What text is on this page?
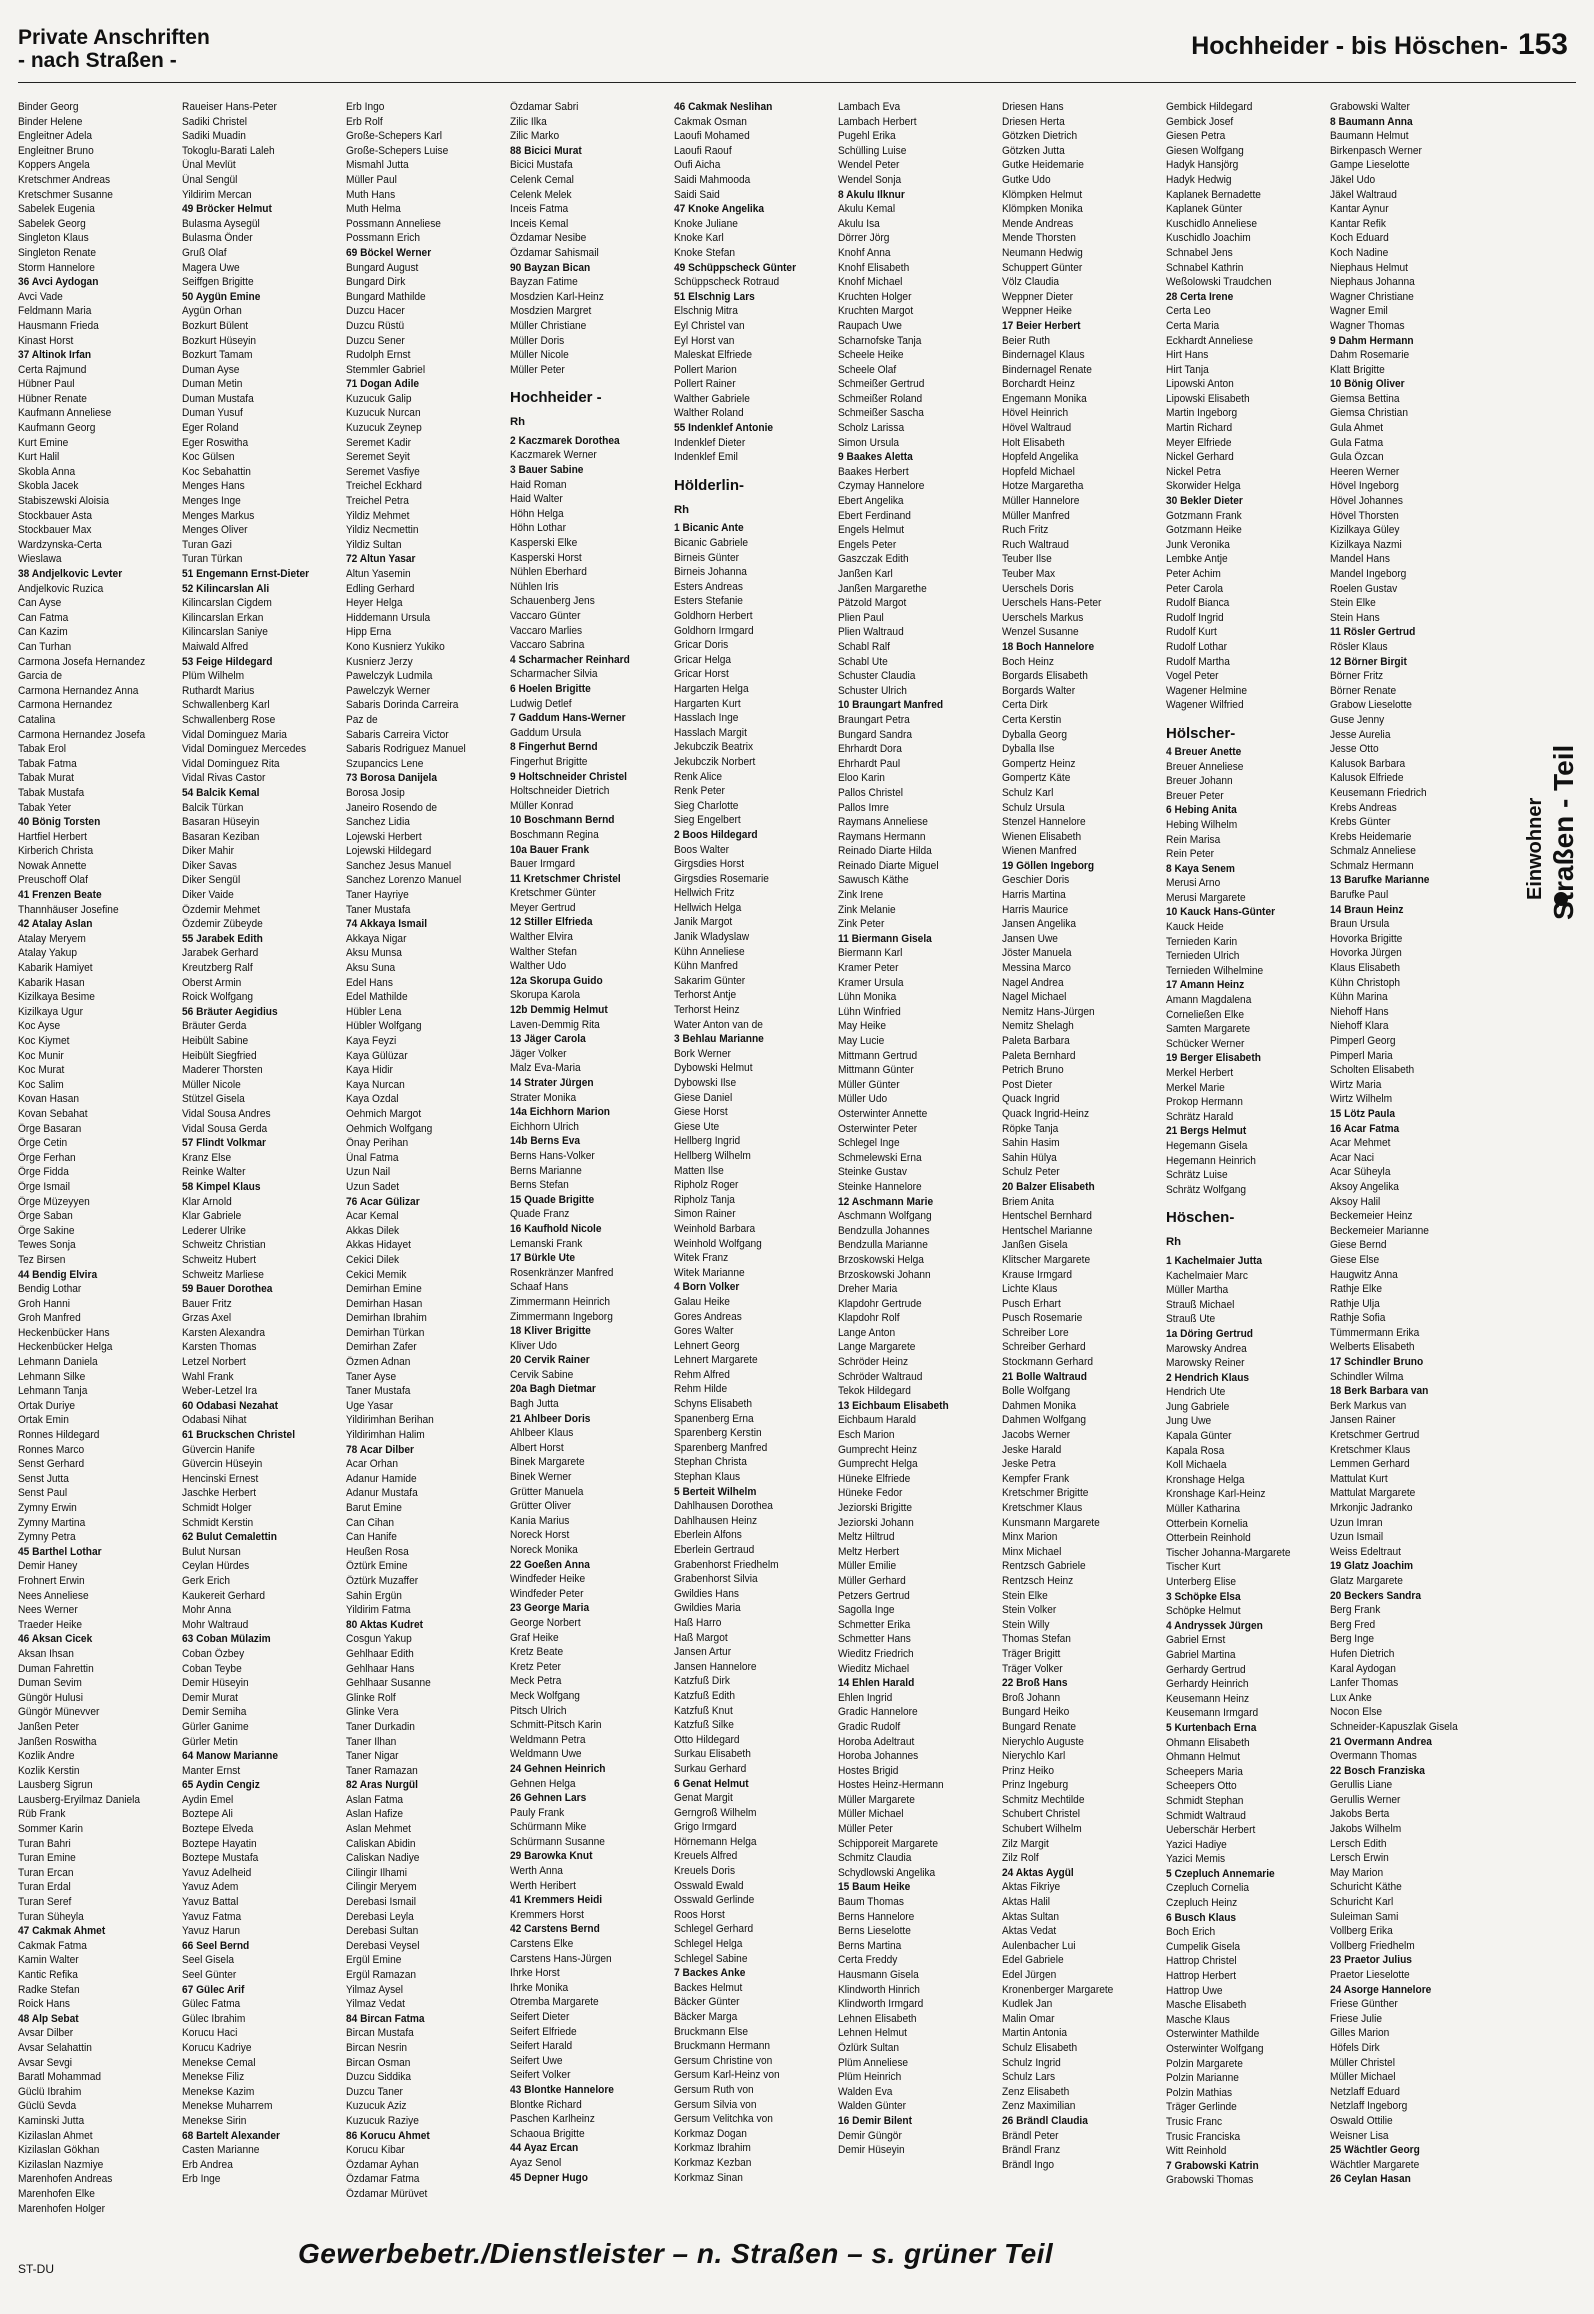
Private Anschriften
- nach Straßen -
Hochheider - bis Höschen- 153
Binder Georg
Binder Helene
Engleitner Adela
Engleitner Bruno
Koppers Angela
Kretschmer Andreas
Kretschmer Susanne
Sabelek Eugenia
Sabelek Georg
Singleton Klaus
Singleton Renate
Storm Hannelore
36 Avci Aydogan
Avci Vade
Feldmann Maria
Hausmann Frieda
Kinast Horst
37 Altinok Irfan
Certa Rajmund
Hübner Paul
Hübner Renate
Kaufmann Anneliese
Kaufmann Georg
Kurt Emine
Kurt Halil
Skobla Anna
Skobla Jacek
Stabiszewski Aloisia
Stockbauer Asta
Stockbauer Max
Wardzynska-Certa
Wieslawa
38 Andjelkovic Levter
Andjelkovic Ruzica
Can Ayse
Can Fatma
Can Kazim
Can Turhan
Carmona Josefa Hernandez
Garcia de
Carmona Hernandez Anna
Carmona Hernandez
Catalina
Carmona Hernandez Josefa
Tabak Erol
Tabak Fatma
Tabak Murat
Tabak Mustafa
Tabak Yeter
40 Bönig Torsten
Hartfiel Herbert
Kirberich Christa
Nowak Annette
Preuschoff Olaf
41 Frenzen Beate
Thannhäuser Josefine
42 Atalay Aslan
Atalay Meryem
Atalay Yakup
Kabarik Hamiyet
Kabarik Hasan
Kizilkaya Besime
Kizilkaya Ugur
Koc Ayse
Koc Kiymet
Koc Munir
Koc Murat
Koc Salim
Kovan Hasan
Kovan Sebahat
Örge Basaran
Örge Cetin
Örge Ferhan
Örge Fidda
Örge Ismail
Örge Müzeyyen
Örge Saban
Örge Sakine
Tewes Sonja
Tez Birsen
44 Bendig Elvira
Bendig Lothar
Groh Hanni
Groh Manfred
Heckenbücker Hans
Heckenbücker Helga
Lehmann Daniela
Lehmann Silke
Lehmann Tanja
Ortak Duriye
Ortak Emin
Ronnes Hildegard
Ronnes Marco
Senst Gerhard
Senst Jutta
Senst Paul
Zymny Erwin
Zymny Martina
Zymny Petra
45 Barthel Lothar
Demir Haney
Frohnert Erwin
Nees Anneliese
Nees Werner
Traeder Heike
46 Aksan Cicek
Aksan Ihsan
Duman Fahrettin
Duman Sevim
Güngör Hulusi
Güngör Münevver
Janßen Peter
Janßen Roswitha
Kozlik Andre
Kozlik Kerstin
Lausberg Sigrun
Lausberg-Eryilmaz Daniela
Rüb Frank
Sommer Karin
Turan Bahri
Turan Emine
Turan Ercan
Turan Erdal
Turan Seref
Turan Süheyla
47 Cakmak Ahmet
Cakmak Fatma
Kamin Walter
Kantic Refika
Radke Stefan
Roick Hans
48 Alp Sebat
Avsar Dilber
Avsar Selahattin
Avsar Sevgi
Baratl Mohammad
Güclü Ibrahim
Güclü Sevda
Kaminski Jutta
Kizilaslan Ahmet
Kizilaslan Gökhan
Kizilaslan Nazmiye
Marenhofen Andreas
Marenhofen Elke
Marenhofen Holger
Raueiser Hans-Peter
Sadiki Christel
Sadiki Muadin
Tokoglu-Barati Laleh
Ünal Mevlüt
Ünal Sengül
Yildirim Mercan
49 Bröcker Helmut
Bulasma Aysegül
Bulasma Önder
Gruß Olaf
Magera Uwe
Seiffgen Brigitte
50 Aygün Emine
Aygün Orhan
Bozkurt Bülent
Bozkurt Hüseyin
Bozkurt Tamam
Duman Ayse
Duman Metin
Duman Mustafa
Duman Yusuf
Eger Roland
Eger Roswitha
Koc Gülsen
Koc Sebahattin
Menges Hans
Menges Inge
Menges Markus
Menges Oliver
Turan Gazi
Turan Türkan
51 Engemann Ernst-Dieter
52 Kilincarslan Ali
Kilincarslan Cigdem
Kilincarslan Erkan
Kilincarslan Saniye
Maiwald Alfred
53 Feige Hildegard
Plüm Wilhelm
Ruthardt Marius
Schwallenberg Karl
Schwallenberg Rose
Vidal Dominguez Maria
Vidal Dominguez Mercedes
Vidal Dominguez Rita
Vidal Rivas Castor
54 Balcik Kemal
Balcik Türkan
Basaran Hüseyin
Basaran Keziban
Diker Mahir
Diker Savas
Diker Sengül
Diker Vaide
Özdemir Mehmet
Özdemir Zübeyde
55 Jarabek Edith
Jarabek Gerhard
Kreutzberg Ralf
Oberst Armin
Roick Wolfgang
56 Bräuter Aegidius
Bräuter Gerda
Heibült Sabine
Heibült Siegfried
Maderer Thorsten
Müller Nicole
Stützel Gisela
Vidal Sousa Andres
Vidal Sousa Gerda
57 Flindt Volkmar
Kranz Else
Reinke Walter
58 Kimpel Klaus
Klar Arnold
Klar Gabriele
Lederer Ulrike
Schweitz Christian
Schweitz Hubert
Schweitz Marliese
59 Bauer Dorothea
Bauer Fritz
Grzas Axel
Karsten Alexandra
Karsten Thomas
Letzel Norbert
Wahl Frank
Weber-Letzel Ira
60 Odabasi Nezahat
Odabasi Nihat
61 Bruckschen Christel
Güvercin Hanife
Güvercin Hüseyin
Hencinski Ernest
Jaschke Herbert
Schmidt Holger
Schmidt Kerstin
62 Bulut Cemalettin
Bulut Nursan
Ceylan Hürdes
Gerk Erich
Kaukereit Gerhard
Mohr Anna
Mohr Waltraud
63 Coban Mülazim
Coban Özbey
Coban Teybe
Demir Hüseyin
Demir Murat
Demir Semiha
Gürler Ganime
Gürler Metin
64 Manow Marianne
Manter Ernst
65 Aydin Cengiz
Aydin Emel
Boztepe Ali
Boztepe Elveda
Boztepe Hayatin
Boztepe Mustafa
Yavuz Adelheid
Yavuz Adem
Yavuz Battal
Yavuz Fatma
Yavuz Harun
66 Seel Bernd
Seel Gisela
Seel Günter
67 Gülec Arif
Gülec Fatma
Gülec Ibrahim
Korucu Haci
Korucu Kadriye
Menekse Cemal
Menekse Filiz
Menekse Kazim
Menekse Muharrem
Menekse Sirin
68 Bartelt Alexander
Casten Marianne
Erb Andrea
Erb Inge
Erb Ingo
Erb Rolf
Große-Schepers Karl
Große-Schepers Luise
Mismahl Jutta
Müller Paul
Muth Hans
Muth Helma
Possmann Anneliese
Possmann Erich
69 Böckel Werner
Bungard August
Bungard Dirk
Bungard Mathilde
Duzcu Hacer
Duzcu Rüstü
Duzcu Sener
Rudolph Ernst
Stemmler Gabriel
71 Dogan Adile
Kuzucuk Galip
Kuzucuk Nurcan
Kuzucuk Zeynep
Seremet Kadir
Seremet Seyit
Seremet Vasfiye
Treichel Eckhard
Treichel Petra
Yildiz Mehmet
Yildiz Necmettin
Yildiz Sultan
72 Altun Yasar
Altun Yasemin
Edling Gerhard
Heyer Helga
Hiddemann Ursula
Hipp Erna
Kono Kusnierz Yukiko
Kusnierz Jerzy
Pawelczyk Ludmila
Pawelczyk Werner
Sabaris Dorinda Carreira
Paz de
Sabaris Carreira Victor
Sabaris Rodriguez Manuel
Szupancics Lene
73 Borosa Danijela
Borosa Josip
Janeiro Rosendo de
Sanchez Lidia
Lojewski Herbert
Lojewski Hildegard
Sanchez Jesus Manuel
Sanchez Lorenzo Manuel
Taner Hayriye
Taner Mustafa
74 Akkaya Ismail
Akkaya Nigar
Aksu Munsa
Aksu Suna
Edel Hans
Edel Mathilde
Hübler Lena
Hübler Wolfgang
Kaya Feyzi
Kaya Gülüzar
Kaya Hidir
Kaya Nurcan
Kaya Ozdal
Oehmich Margot
Oehmich Wolfgang
Önay Perihan
Ünal Fatma
Uzun Nail
Uzun Sadet
76 Acar Gülizar
Acar Kemal
Akkas Dilek
Akkas Hidayet
Cekici Dilek
Cekici Memik
Demirhan Emine
Demirhan Hasan
Demirhan Ibrahim
Demirhan Türkan
Demirhan Zafer
Özmen Adnan
Taner Ayse
Taner Mustafa
Uge Yasar
Yildirimhan Berihan
Yildirimhan Halim
78 Acar Dilber
Acar Orhan
Adanur Hamide
Adanur Mustafa
Barut Emine
Can Cihan
Can Hanife
Heußen Rosa
Öztürk Emine
Öztürk Muzaffer
Sahin Ergün
Yildirim Fatma
80 Aktas Kudret
Cosgun Yakup
Gehlhaar Edith
Gehlhaar Hans
Gehlhaar Susanne
Glinke Rolf
Glinke Vera
Taner Durkadin
Taner Ilhan
Taner Nigar
Taner Ramazan
82 Aras Nurgül
Aslan Fatma
Aslan Hafize
Aslan Mehmet
Caliskan Abidin
Caliskan Nadiye
Cilingir Ilhami
Cilingir Meryem
Derebasi Ismail
Derebasi Leyla
Derebasi Sultan
Derebasi Veysel
Ergül Emine
Ergül Ramazan
Yilmaz Aysel
Yilmaz Vedat
84 Bircan Fatma
Bircan Mustafa
Bircan Nesrin
Bircan Osman
Duzcu Siddika
Duzcu Taner
Kuzucuk Aziz
Kuzucuk Raziye
86 Korucu Ahmet
Korucu Kibar
Özdamar Ayhan
Özdamar Fatma
Özdamar Mürüvet
Özdamar Sabri
Zilic Ilka
Zilic Marko
88 Bicici Murat
Bicici Mustafa
Celenk Cemal
Celenk Melek
Inceis Fatma
Inceis Kemal
Özdamar Nesibe
Özdamar Sahismail
90 Bayzan Bican
Bayzan Fatime
Mosdzien Karl-Heinz
Mosdzien Margret
Müller Christiane
Müller Doris
Müller Nicole
Müller Peter
Hochheider -
Rh
2 Kaczmarek Dorothea
Kaczmarek Werner
3 Bauer Sabine
Haid Roman
Haid Walter
Höhn Helga
Höhn Lothar
Kasperski Elke
Kasperski Horst
Nühlen Eberhard
Nühlen Iris
Schauenberg Jens
Vaccaro Günter
Vaccaro Marlies
Vaccaro Sabrina
4 Scharmacher Reinhard
Scharmacher Silvia
6 Hoelen Brigitte
Ludwig Detlef
7 Gaddum Hans-Werner
Gaddum Ursula
8 Fingerhut Bernd
Fingerhut Brigitte
9 Holtschneider Christel
Holtschneider Dietrich
Müller Konrad
10 Boschmann Bernd
Boschmann Regina
10a Bauer Frank
Bauer Irmgard
11 Kretschmer Christel
Kretschmer Günter
Meyer Gertrud
12 Stiller Elfrieda
Walther Elvira
Walther Stefan
Walther Udo
12a Skorupa Guido
Skorupa Karola
12b Demmig Helmut
Laven-Demmig Rita
13 Jäger Carola
Jäger Volker
Malz Eva-Maria
14 Strater Jürgen
Strater Monika
14a Eichhorn Marion
Eichhorn Ulrich
14b Berns Eva
Berns Hans-Volker
Berns Marianne
Berns Stefan
15 Quade Brigitte
Quade Franz
16 Kaufhold Nicole
Lemanski Frank
17 Bürkle Ute
Rosenkränzer Manfred
Schaaf Hans
Zimmermann Heinrich
Zimmermann Ingeborg
18 Kliver Brigitte
Kliver Udo
20 Cervik Rainer
Cervik Sabine
20a Bagh Dietmar
Bagh Jutta
21 Ahlbeer Doris
Ahlbeer Klaus
Albert Horst
Binek Margarete
Binek Werner
Grütter Manuela
Grütter Oliver
Kania Marius
Noreck Horst
Noreck Monika
22 Goeßen Anna
Windfeder Heike
Windfeder Peter
23 George Maria
George Norbert
Graf Heike
Kretz Beate
Kretz Peter
Meck Petra
Meck Wolfgang
Pitsch Ulrich
Schmitt-Pitsch Karin
Weldmann Petra
Weldmann Uwe
24 Gehnen Heinrich
Gehnen Helga
26 Gehnen Lars
Pauly Frank
Schürmann Mike
Schürmann Susanne
29 Barowka Knut
Werth Anna
Werth Heribert
41 Kremmers Heidi
Kremmers Horst
42 Carstens Bernd
Carstens Elke
Carstens Hans-Jürgen
Ihrke Horst
Ihrke Monika
Otremba Margarete
Seifert Dieter
Seifert Elfriede
Seifert Harald
Seifert Uwe
Seifert Volker
43 Blontke Hannelore
Blontke Richard
Paschen Karlheinz
Schaoua Brigitte
44 Ayaz Ercan
Ayaz Senol
45 Depner Hugo
46 Cakmak Neslihan
Cakmak Osman
Laoufi Mohamed
Laoufi Raouf
Oufi Aicha
Saidi Mahmooda
Saidi Said
47 Knoke Angelika
Knoke Juliane
Knoke Karl
Knoke Stefan
49 Schüppscheck Günter
Schüppscheck Rotraud
51 Elschnig Lars
Elschnig Mitra
Eyl Christel van
Eyl Horst van
Maleskat Elfriede
Pollert Marion
Pollert Rainer
Walther Gabriele
Walther Roland
55 Indenklef Antonie
Indenklef Dieter
Indenklef Emil
Hölderlin-
Rh
1 Bicanic Ante
Bicanic Gabriele
Birneis Günter
Birneis Johanna
Esters Andreas
Esters Stefanie
Goldhorn Herbert
Goldhorn Irmgard
Gricar Doris
Gricar Helga
Gricar Horst
Hargarten Helga
Hargarten Kurt
Hasslach Inge
Hasslach Margit
Jekubczik Beatrix
Jekubczik Norbert
Renk Alice
Renk Peter
Sieg Charlotte
Sieg Engelbert
2 Boos Hildegard
Boos Walter
Girgsdies Horst
Girgsdies Rosemarie
Hellwich Fritz
Hellwich Helga
Janik Margot
Janik Wladyslaw
Kühn Anneliese
Kühn Manfred
Sakarim Günter
Terhorst Antje
Terhorst Heinz
Water Anton van de
3 Behlau Marianne
Bork Werner
Dybowski Helmut
Dybowski Ilse
Giese Daniel
Giese Horst
Giese Ute
Hellberg Ingrid
Hellberg Wilhelm
Matten Ilse
Ripholz Roger
Ripholz Tanja
Simon Rainer
Weinhold Barbara
Weinhold Wolfgang
Witek Franz
Witek Marianne
4 Born Volker
Galau Heike
Gores Andreas
Gores Walter
Lehnert Georg
Lehnert Margarete
Rehm Alfred
Rehm Hilde
Schyns Elisabeth
Spanenberg Erna
Sparenberg Kerstin
Sparenberg Manfred
Stephan Christa
Stephan Klaus
5 Berteit Wilhelm
Dahlhausen Dorothea
Dahlhausen Heinz
Eberlein Alfons
Eberlein Gertraud
Grabenhorst Friedhelm
Grabenhorst Silvia
Gwildies Hans
Gwildies Maria
Haß Harro
Haß Margot
Jansen Artur
Jansen Hannelore
Katzfuß Dirk
Katzfuß Edith
Katzfuß Knut
Katzfuß Silke
Otto Hildegard
Surkau Elisabeth
Surkau Gerhard
6 Genat Helmut
Genat Margit
Gerngroß Wilhelm
Grigo Irmgard
Hörnemann Helga
Kreuels Alfred
Kreuels Doris
Osswald Ewald
Osswald Gerlinde
Roos Horst
Schlegel Gerhard
Schlegel Helga
Schlegel Sabine
7 Backes Anke
Backes Helmut
Bäcker Günter
Bäcker Marga
Bruckmann Else
Bruckmann Hermann
Gersum Christine von
Gersum Karl-Heinz von
Gersum Ruth von
Gersum Silvia von
Gersum Velitchka von
Korkmaz Dogan
Korkmaz Ibrahim
Korkmaz Kezban
Korkmaz Sinan
Lambach Eva
Lambach Herbert
Pugehl Erika
Schülling Luise
Wendel Peter
Wendel Sonja
8 Akulu Ilknur
Akulu Kemal
Akulu Isa
Dörrer Jörg
Knohf Anna
Knohf Elisabeth
Knohf Michael
Kruchten Holger
Kruchten Margot
Raupach Uwe
Scharnofske Tanja
Scheele Heike
Scheele Olaf
Schmeißer Gertrud
Schmeißer Roland
Schmeißer Sascha
Scholz Larissa
Simon Ursula
9 Baakes Aletta
Baakes Herbert
Czymay Hannelore
Ebert Angelika
Ebert Ferdinand
Engels Helmut
Engels Peter
Gaszczak Edith
Janßen Karl
Janßen Margarethe
Pätzold Margot
Plien Paul
Plien Waltraud
Schabl Ralf
Schabl Ute
Schuster Claudia
Schuster Ulrich
10 Braungart Manfred
Braungart Petra
Bungard Sandra
Ehrhardt Dora
Ehrhardt Paul
Eloo Karin
Pallos Christel
Pallos Imre
Raymans Anneliese
Raymans Hermann
Reinado Diarte Hilda
Reinado Diarte Miguel
Sawusch Käthe
Zink Irene
Zink Melanie
Zink Peter
11 Biermann Gisela
Biermann Karl
Kramer Peter
Kramer Ursula
Lühn Monika
Lühn Winfried
May Heike
May Lucie
Mittmann Gertrud
Mittmann Günter
Müller Günter
Müller Udo
Osterwinter Annette
Osterwinter Peter
Schlegel Inge
Schmelewski Erna
Steinke Gustav
Steinke Hannelore
12 Aschmann Marie
Aschmann Wolfgang
Bendzulla Johannes
Bendzulla Marianne
Brzoskowski Helga
Brzoskowski Johann
Dreher Maria
Klapdohr Gertrude
Klapdohr Rolf
Lange Anton
Lange Margarete
Schröder Heinz
Schröder Waltraud
Tekok Hildegard
13 Eichbaum Elisabeth
Eichbaum Harald
Esch Marion
Gumprecht Heinz
Gumprecht Helga
Hüneke Elfriede
Hüneke Fedor
Jeziorski Brigitte
Jeziorski Johann
Meltz Hiltrud
Meltz Herbert
Müller Emilie
Müller Gerhard
Petzers Gertrud
Sagolla Inge
Schmetter Erika
Schmetter Hans
Wieditz Friedrich
Wieditz Michael
14 Ehlen Harald
Ehlen Ingrid
Gradic Hannelore
Gradic Rudolf
Horoba Adeltraut
Horoba Johannes
Hostes Brigid
Hostes Heinz-Hermann
Müller Margarete
Müller Michael
Müller Peter
Schipporeit Margarete
Schmitz Claudia
Schydlowski Angelika
15 Baum Heike
Baum Thomas
Berns Hannelore
Berns Lieselotte
Berns Martina
Certa Freddy
Hausmann Gisela
Klindworth Hinrich
Klindworth Irmgard
Lehnen Elisabeth
Lehnen Helmut
Özlürk Sultan
Plüm Anneliese
Plüm Heinrich
Walden Eva
Walden Günter
16 Demir Bilent
Demir Güngör
Demir Hüseyin
Driesen Hans
Driesen Herta
Götzken Dietrich
Götzken Jutta
Gutke Heidemarie
Gutke Udo
Klömpken Helmut
Klömpken Monika
Mende Andreas
Mende Thorsten
Neumann Hedwig
Schuppert Günter
Völz Claudia
Weppner Dieter
Weppner Heike
17 Beier Herbert
Beier Ruth
Bindernagel Klaus
Bindernagel Renate
Borchardt Heinz
Engemann Monika
Hövel Heinrich
Hövel Waltraud
Holt Elisabeth
Hopfeld Angelika
Hopfeld Michael
Hotze Margaretha
Müller Hannelore
Müller Manfred
Ruch Fritz
Ruch Waltraud
Teuber Ilse
Teuber Max
Uerschels Doris
Uerschels Hans-Peter
Uerschels Markus
Wenzel Susanne
18 Boch Hannelore
Boch Heinz
Borgards Elisabeth
Borgards Walter
Certa Dirk
Certa Kerstin
Dyballa Georg
Dyballa Ilse
Gompertz Heinz
Gompertz Käte
Schulz Karl
Schulz Ursula
Stenzel Hannelore
Wienen Elisabeth
Wienen Manfred
19 Göllen Ingeborg
Geschier Doris
Harris Martina
Harris Maurice
Jansen Angelika
Jansen Uwe
Jöster Manuela
Messina Marco
Nagel Andrea
Nagel Michael
Nemitz Hans-Jürgen
Nemitz Shelagh
Paleta Barbara
Paleta Bernhard
Petrich Bruno
Post Dieter
Quack Ingrid
Quack Ingrid-Heinz
Röpke Tanja
Sahin Hasim
Sahin Hülya
Schulz Peter
20 Balzer Elisabeth
Briem Anita
Hentschel Bernhard
Hentschel Marianne
Janßen Gisela
Klitscher Margarete
Krause Irmgard
Lichte Klaus
Pusch Erhart
Pusch Rosemarie
Schreiber Lore
Schreiber Gerhard
Stockmann Gerhard
21 Bolle Waltraud
Bolle Wolfgang
Dahmen Monika
Dahmen Wolfgang
Jacobs Werner
Jeske Harald
Jeske Petra
Kempfer Frank
Kretschmer Brigitte
Kretschmer Klaus
Kunsmann Margarete
Minx Marion
Minx Michael
Rentzsch Gabriele
Rentzsch Heinz
Stein Elke
Stein Volker
Stein Willy
Thomas Stefan
Träger Brigitt
Träger Volker
22 Broß Hans
Broß Johann
Bungard Heiko
Bungard Renate
Nierychlo Auguste
Nierychlo Karl
Prinz Heiko
Prinz Ingeburg
Schmitz Mechtilde
Schubert Christel
Schubert Wilhelm
Zilz Margit
Zilz Rolf
24 Aktas Aygül
Aktas Fikriye
Aktas Halil
Aktas Sultan
Aktas Vedat
Aulenbacher Lui
Edel Gabriele
Edel Jürgen
Kronenberger Margarete
Kudlek Jan
Malin Omar
Martin Antonia
Schulz Elisabeth
Schulz Ingrid
Schulz Lars
Zenz Elisabeth
Zenz Maximilian
26 Brändl Claudia
Brändl Peter
Brändl Franz
Brändl Ingo
Gembick Hildegard
Gembick Josef
Giesen Petra
Giesen Wolfgang
Hadyk Hansjörg
Hadyk Hedwig
Kaplanek Bernadette
Kaplanek Günter
Kuschidlo Anneliese
Kuschidlo Joachim
Schnabel Jens
Schnabel Kathrin
Weßolowski Traudchen
28 Certa Irene
Certa Leo
Certa Maria
Eckhardt Anneliese
Hirt Hans
Hirt Tanja
Lipowski Anton
Lipowski Elisabeth
Martin Ingeborg
Martin Richard
Meyer Elfriede
Nickel Gerhard
Nickel Petra
Skorwider Helga
30 Bekler Dieter
Gotzmann Frank
Gotzmann Heike
Junk Veronika
Lembke Antje
Peter Achim
Peter Carola
Rudolf Bianca
Rudolf Ingrid
Rudolf Kurt
Rudolf Lothar
Rudolf Martha
Vogel Peter
Wagener Helmine
Wagener Wilfried
Hölscher-
4 Breuer Anette
Breuer Anneliese
Breuer Johann
Breuer Peter
6 Hebing Anita
Hebing Wilhelm
Rein Marisa
Rein Peter
8 Kaya Senem
Merusi Arno
Merusi Margarete
10 Kauck Hans-Günter
Kauck Heide
Ternieden Karin
Ternieden Ulrich
Ternieden Wilhelmine
17 Amann Heinz
Amann Magdalena
Corneließen Elke
Samten Margarete
Schücker Werner
19 Berger Elisabeth
Merkel Herbert
Merkel Marie
Prokop Hermann
Schrätz Harald
21 Bergs Helmut
Hegemann Gisela
Hegemann Heinrich
Schrätz Luise
Schrätz Wolfgang
Höschen-
Rh
1 Kachelmaier Jutta
Kachelmaier Marc
Müller Martha
Strauß Michael
Strauß Ute
1a Döring Gertrud
Marowsky Andrea
Marowsky Reiner
2 Hendrich Klaus
Hendrich Ute
Jung Gabriele
Jung Uwe
Kapala Günter
Kapala Rosa
Koll Michaela
Kronshage Helga
Kronshage Karl-Heinz
Müller Katharina
Otterbein Kornelia
Otterbein Reinhold
Tischer Johanna-Margarete
Tischer Kurt
Unterberg Elise
3 Schöpke Elsa
Schöpke Helmut
4 Andryssek Jürgen
Gabriel Ernst
Gabriel Martina
Gerhardy Gertrud
Gerhardy Heinrich
Keusemann Heinz
Keusemann Irmgard
5 Kurtenbach Erna
Ohmann Elisabeth
Ohmann Helmut
Scheepers Maria
Scheepers Otto
Schmidt Stephan
Schmidt Waltraud
Ueberschär Herbert
Yazici Hadiye
Yazici Memis
5 Czepluch Annemarie
Czepluch Cornelia
Czepluch Heinz
6 Busch Klaus
Boch Erich
Cumpelik Gisela
Hattrop Christel
Hattrop Herbert
Hattrop Uwe
Masche Elisabeth
Masche Klaus
Osterwinter Mathilde
Osterwinter Wolfgang
Polzin Margarete
Polzin Marianne
Polzin Mathias
Träger Gerlinde
Trusic Franc
Trusic Franciska
Witt Reinhold
7 Grabowski Katrin
Grabowski Thomas
Grabowski Walter
8 Baumann Anna
Baumann Helmut
Birkenpasch Werner
Gampe Lieselotte
Jäkel Udo
Jäkel Waltraud
Kantar Aynur
Kantar Refik
Koch Eduard
Koch Nadine
Niephaus Helmut
Niephaus Johanna
Wagner Christiane
Wagner Emil
Wagner Thomas
9 Dahm Hermann
Dahm Rosemarie
Klatt Brigitte
10 Bönig Oliver
Giemsa Bettina
Giemsa Christian
Gula Ahmet
Gula Fatma
Gula Özcan
Heeren Werner
Hövel Ingeborg
Hövel Johannes
Hövel Thorsten
Kizilkaya Güley
Kizilkaya Nazmi
Mandel Hans
Mandel Ingeborg
Roelen Gustav
Stein Elke
Stein Hans
11 Rösler Gertrud
Rösler Klaus
12 Börner Birgit
Börner Fritz
Börner Renate
Grabow Lieselotte
Guse Jenny
Jesse Aurelia
Jesse Otto
Kalusok Barbara
Kalusok Elfriede
Keusemann Friedrich
Krebs Andreas
Krebs Günter
Krebs Heidemarie
Schmalz Anneliese
Schmalz Hermann
13 Barufke Marianne
Barufke Paul
14 Braun Heinz
Braun Ursula
Hovorka Brigitte
Hovorka Jürgen
Klaus Elisabeth
Kühn Christoph
Kühn Marina
Niehoff Hans
Niehoff Klara
Pimperl Georg
Pimperl Maria
Scholten Elisabeth
Wirtz Maria
Wirtz Wilhelm
15 Lötz Paula
16 Acar Fatma
Acar Mehmet
Acar Naci
Acar Süheyla
Aksoy Angelika
Aksoy Halil
Beckemeier Heinz
Beckemeier Marianne
Giese Bernd
Giese Else
Haugwitz Anna
Rathje Elke
Rathje Ulja
Rathje Sofia
Tümmermann Erika
Welberts Elisabeth
17 Schindler Bruno
Schindler Wilma
18 Berk Barbara van
Berk Markus van
Jansen Rainer
Kretschmer Gertrud
Kretschmer Klaus
Lemmen Gerhard
Mattulat Kurt
Mattulat Margarete
Mrkonjic Jadranko
Uzun Imran
Uzun Ismail
Weiss Edeltraut
19 Glatz Joachim
Glatz Margarete
20 Beckers Sandra
Berg Frank
Berg Fred
Berg Inge
Hufen Dietrich
Karal Aydogan
Lanfer Thomas
Lux Anke
Nocon Else
Schneider-Kapuszlak Gisela
21 Overmann Andrea
Overmann Thomas
22 Bosch Franziska
Gerullis Liane
Gerullis Werner
Jakobs Berta
Jakobs Wilhelm
Lersch Edith
Lersch Erwin
May Marion
Schuricht Käthe
Schuricht Karl
Suleiman Sami
Vollberg Erika
Vollberg Friedhelm
23 Praetor Julius
Praetor Lieselotte
24 Asorge Hannelore
Friese Günther
Friese Julie
Gilles Marion
Höfels Dirk
Müller Christel
Müller Michael
Netzlaff Eduard
Netzlaff Ingeborg
Oswald Ottilie
Weisner Lisa
25 Wächtler Georg
Wächtler Margarete
26 Ceylan Hasan
Einwohner Straßen - Teil
ST-DU	Gewerbebetr./Dienstleister – n. Straßen – s. grüner Teil
